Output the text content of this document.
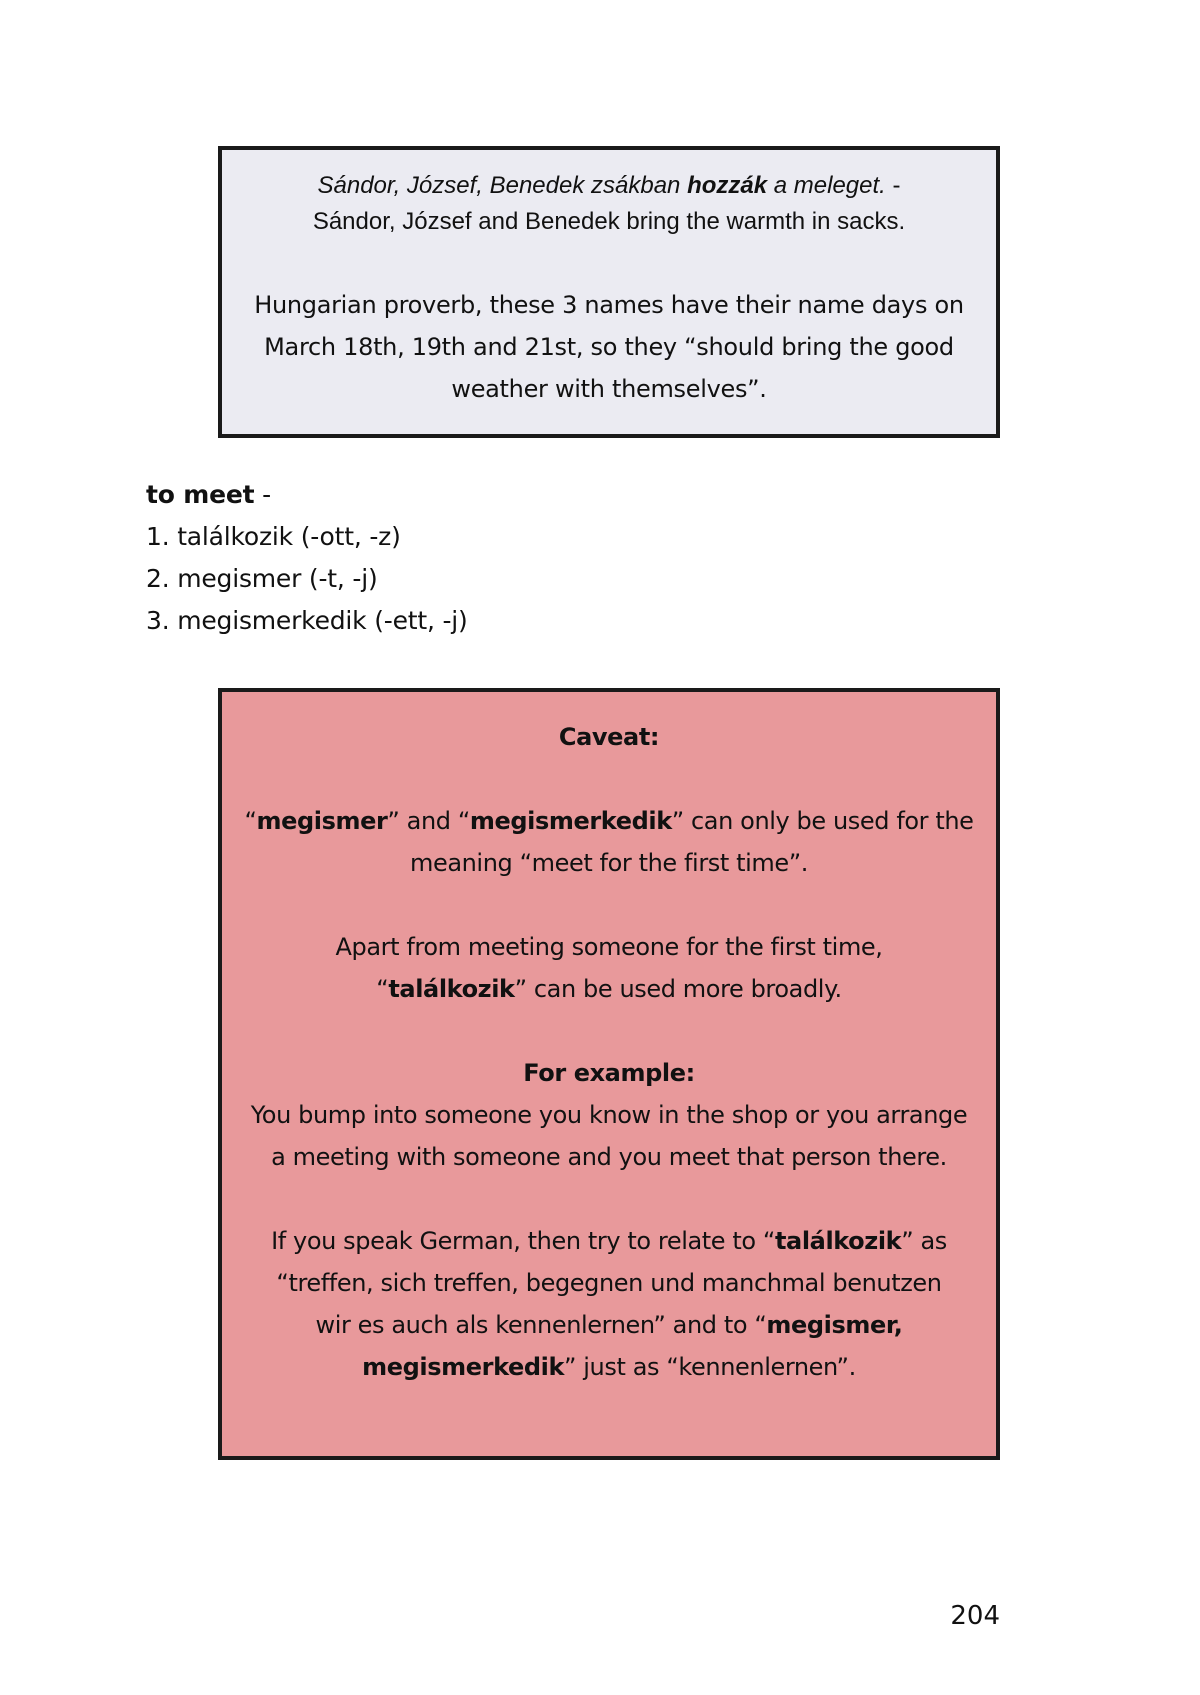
Sándor, József, Benedek zsákban hozzák a meleget. -
Sándor, József and Benedek bring the warmth in sacks.
Hungarian proverb, these 3 names have their name days on
March 18th, 19th and 21st, so they “should bring the good
weather with themselves”.
to meet -
1. találkozik (-ott, -z)
2. megismer (-t, -j)
3. megismerkedik (-ett, -j)
Caveat:
“megismer” and “megismerkedik” can only be used for the
meaning “meet for the first time”.
Apart from meeting someone for the first time,
“találkozik” can be used more broadly.
For example:
You bump into someone you know in the shop or you arrange
a meeting with someone and you meet that person there.
If you speak German, then try to relate to “találkozik” as
“treffen, sich treffen, begegnen und manchmal benutzen
wir es auch als kennenlernen” and to “megismer,
megismerkedik” just as “kennenlernen”.
204
